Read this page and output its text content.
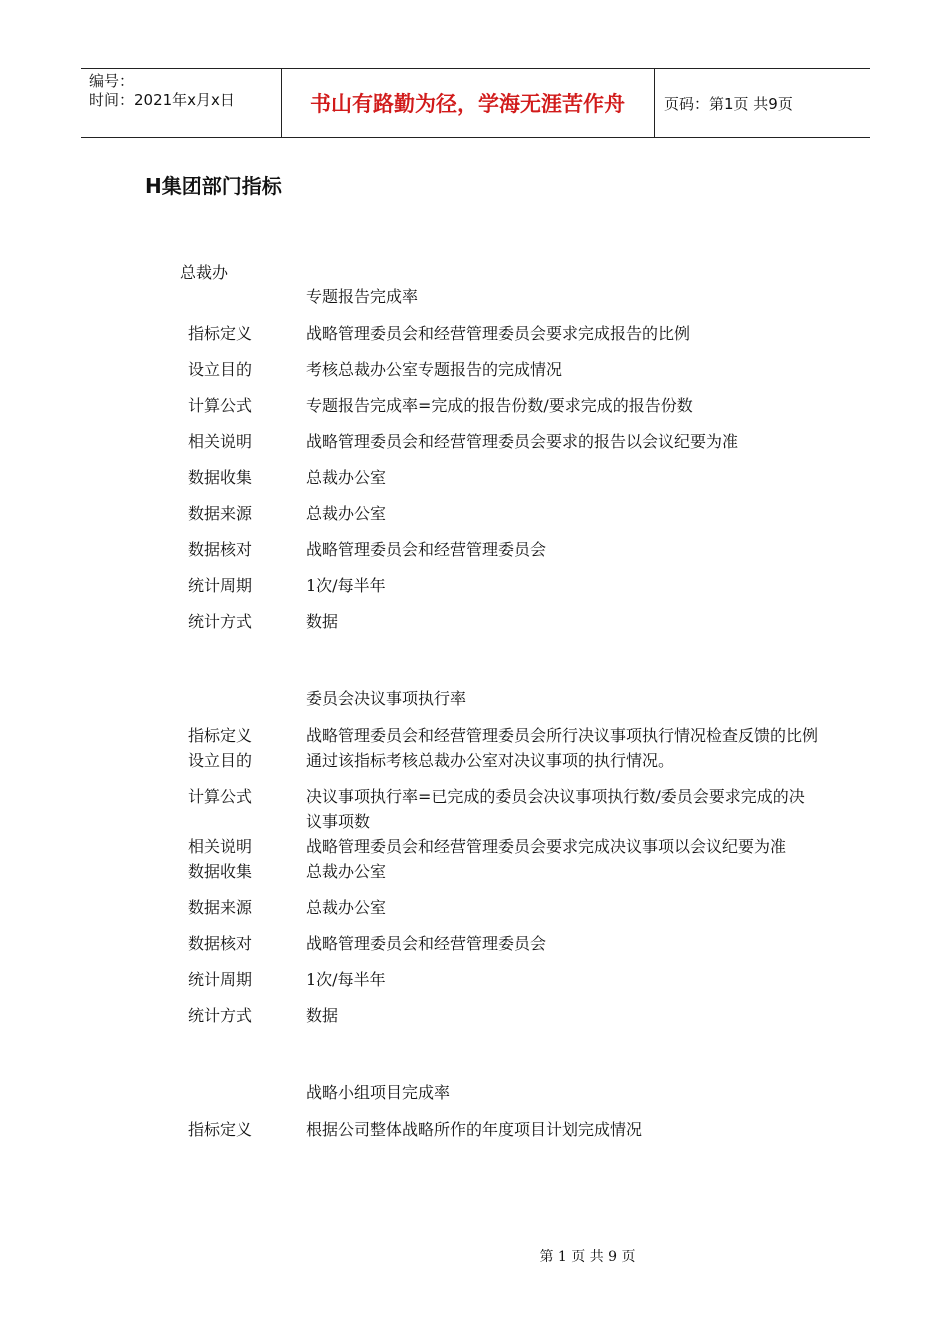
编号：
时间：2021年x月x日	书山有路勤为径，学海无涯苦作舟	页码：第1页 共9页
H集团部门指标
总裁办
专题报告完成率
指标定义	战略管理委员会和经营管理委员会要求完成报告的比例
设立目的	考核总裁办公室专题报告的完成情况
计算公式	专题报告完成率=完成的报告份数/要求完成的报告份数
相关说明	战略管理委员会和经营管理委员会要求的报告以会议纪要为准
数据收集	总裁办公室
数据来源	总裁办公室
数据核对	战略管理委员会和经营管理委员会
统计周期	1次/每半年
统计方式	数据
委员会决议事项执行率
指标定义	战略管理委员会和经营管理委员会所行决议事项执行情况检查反馈的比例
设立目的	通过该指标考核总裁办公室对决议事项的执行情况。
计算公式	决议事项执行率=已完成的委员会决议事项执行数/委员会要求完成的决议事项数
相关说明	战略管理委员会和经营管理委员会要求完成决议事项以会议纪要为准
数据收集	总裁办公室
数据来源	总裁办公室
数据核对	战略管理委员会和经营管理委员会
统计周期	1次/每半年
统计方式	数据
战略小组项目完成率
指标定义	根据公司整体战略所作的年度项目计划完成情况
第 1 页 共 9 页
